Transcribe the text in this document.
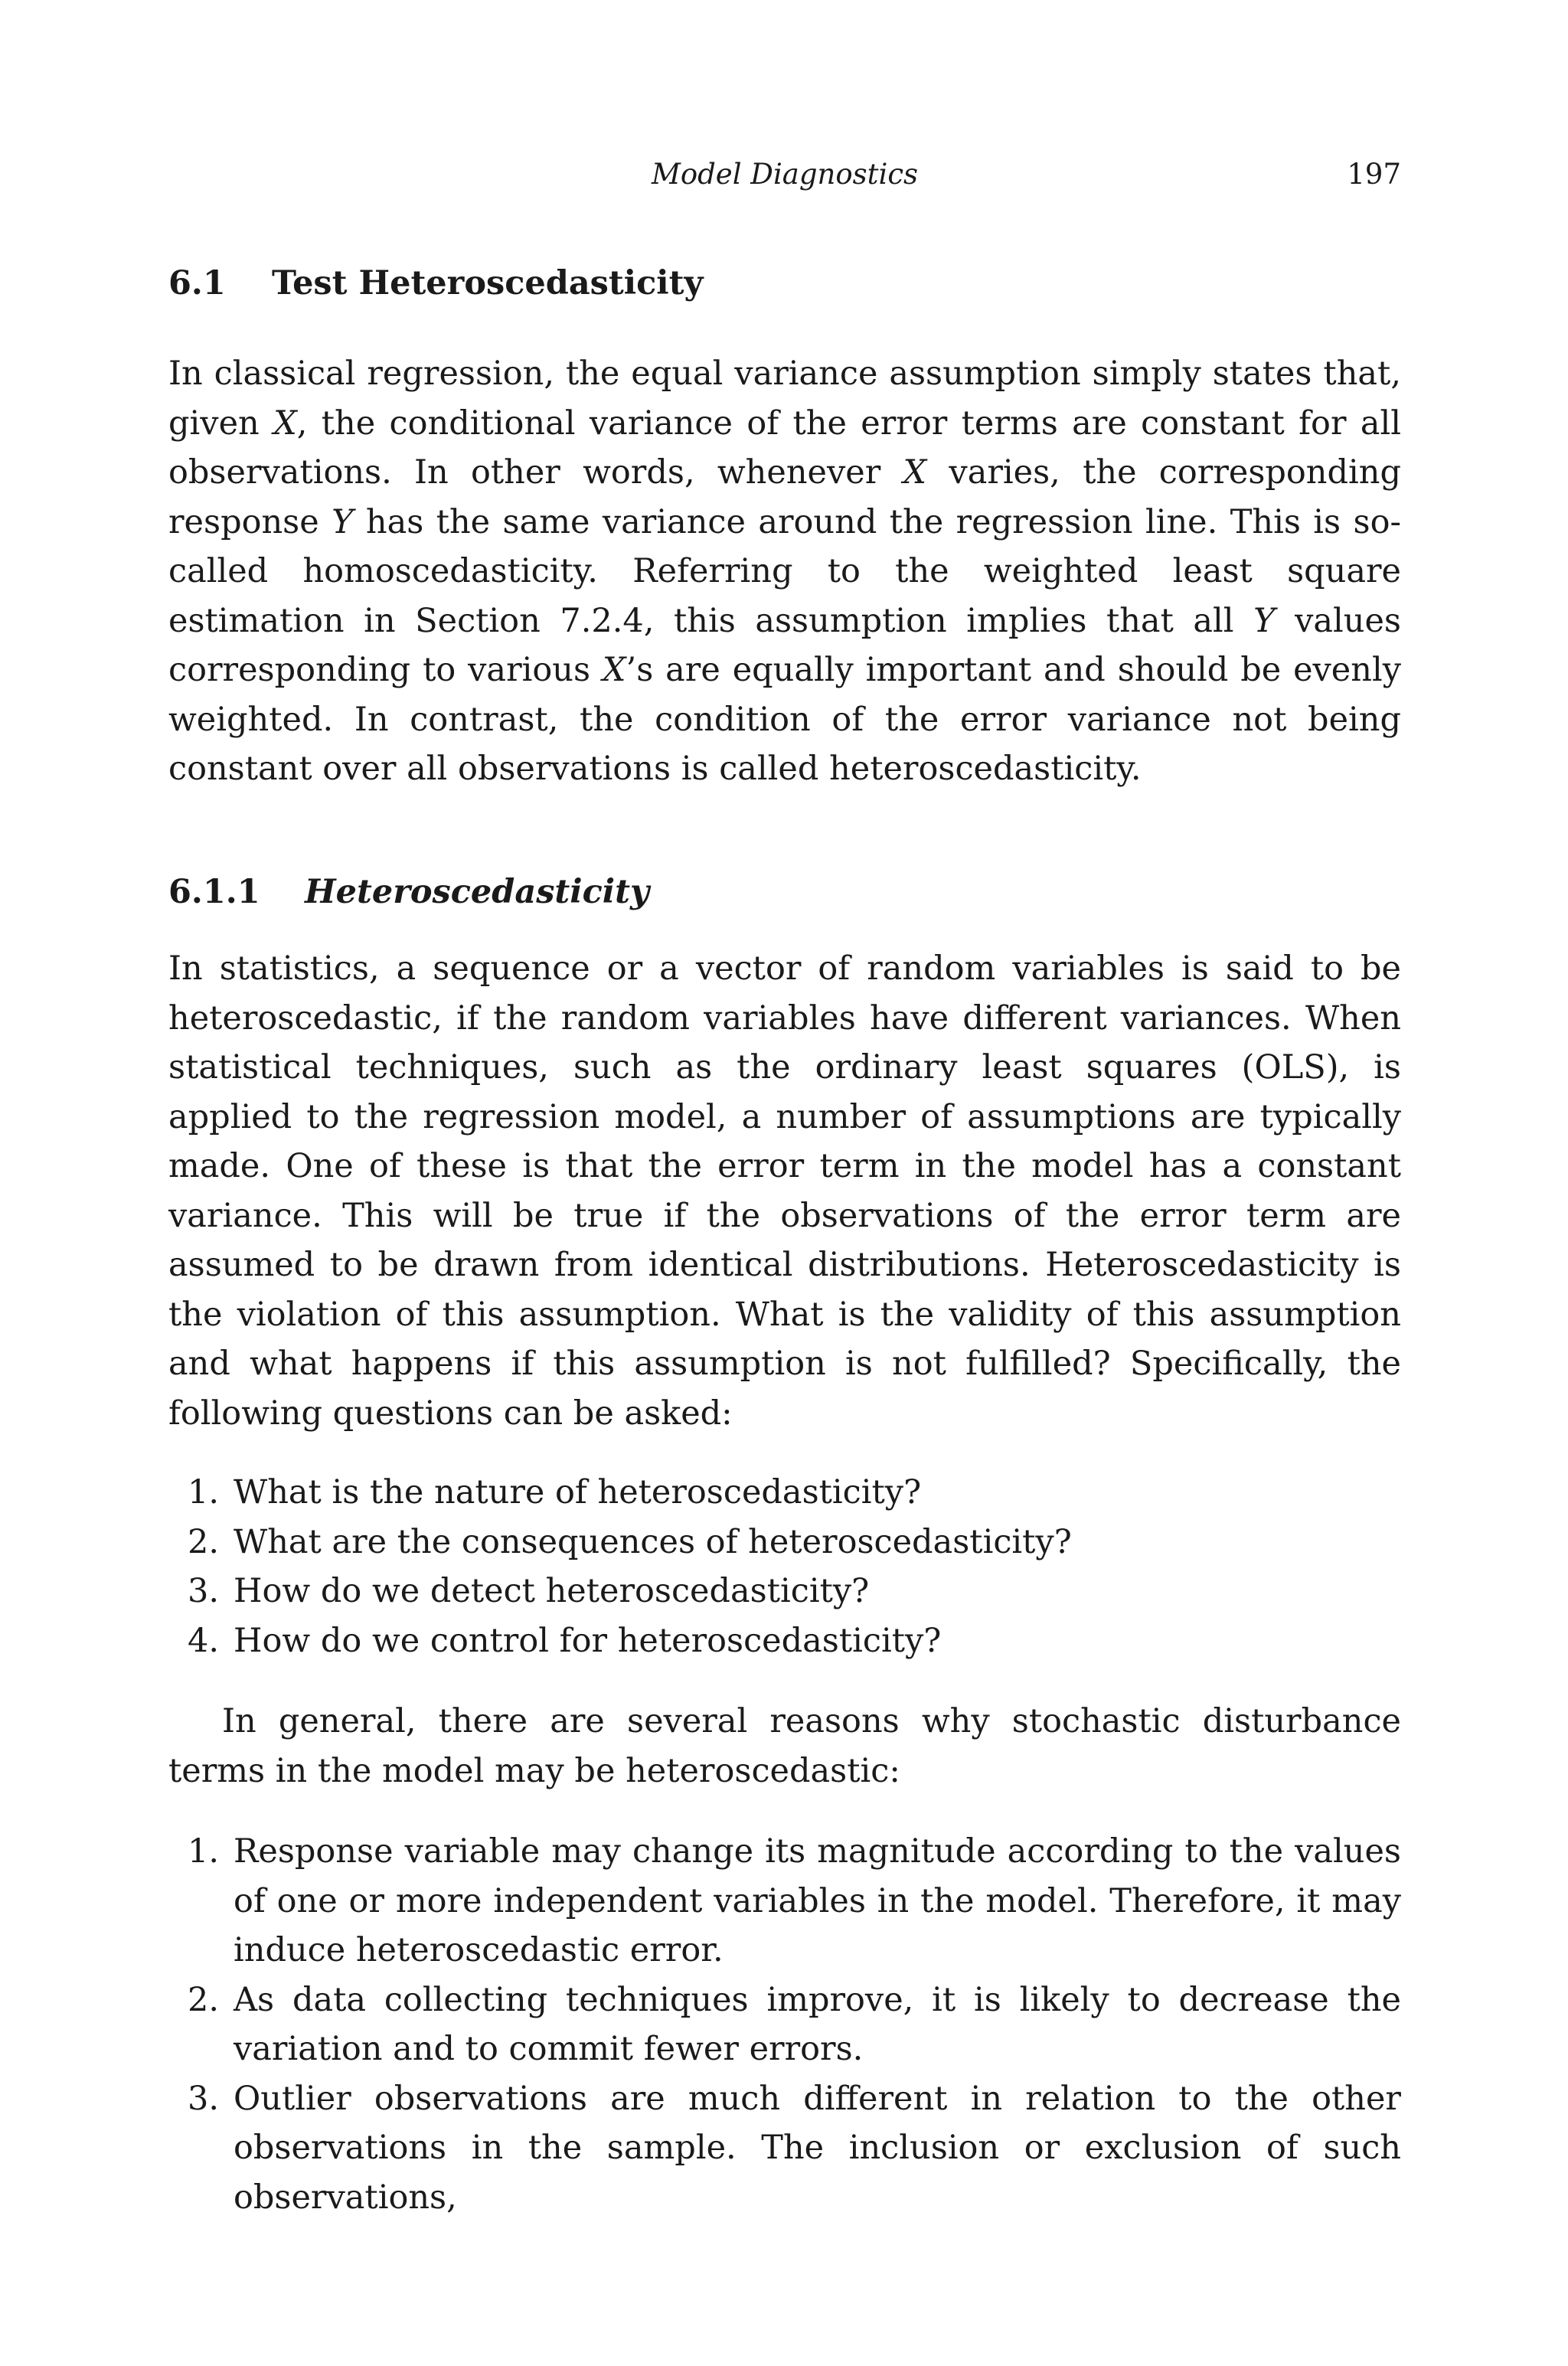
Model Diagnostics	197
6.1 Test Heteroscedasticity

In classical regression, the equal variance assumption simply states that, given X, the conditional variance of the error terms are constant for all observations. In other words, whenever X varies, the corresponding response Y has the same variance around the regression line. This is so-called homoscedasticity. Referring to the weighted least square estimation in Section 7.2.4, this assumption implies that all Y values corresponding to various X’s are equally important and should be evenly weighted. In contrast, the condition of the error variance not being constant over all observations is called heteroscedasticity.

6.1.1 Heteroscedasticity

In statistics, a sequence or a vector of random variables is said to be heteroscedastic, if the random variables have different variances. When statistical techniques, such as the ordinary least squares (OLS), is applied to the regression model, a number of assumptions are typically made. One of these is that the error term in the model has a constant variance. This will be true if the observations of the error term are assumed to be drawn from identical distributions. Heteroscedasticity is the violation of this assumption. What is the validity of this assumption and what happens if this assumption is not fulfilled? Specifically, the following questions can be asked:

1. What is the nature of heteroscedasticity?
2. What are the consequences of heteroscedasticity?
3. How do we detect heteroscedasticity?
4. How do we control for heteroscedasticity?

In general, there are several reasons why stochastic disturbance terms in the model may be heteroscedastic:

1. Response variable may change its magnitude according to the values of one or more independent variables in the model. Therefore, it may induce heteroscedastic error.
2. As data collecting techniques improve, it is likely to decrease the variation and to commit fewer errors.
3. Outlier observations are much different in relation to the other observations in the sample. The inclusion or exclusion of such observations,
